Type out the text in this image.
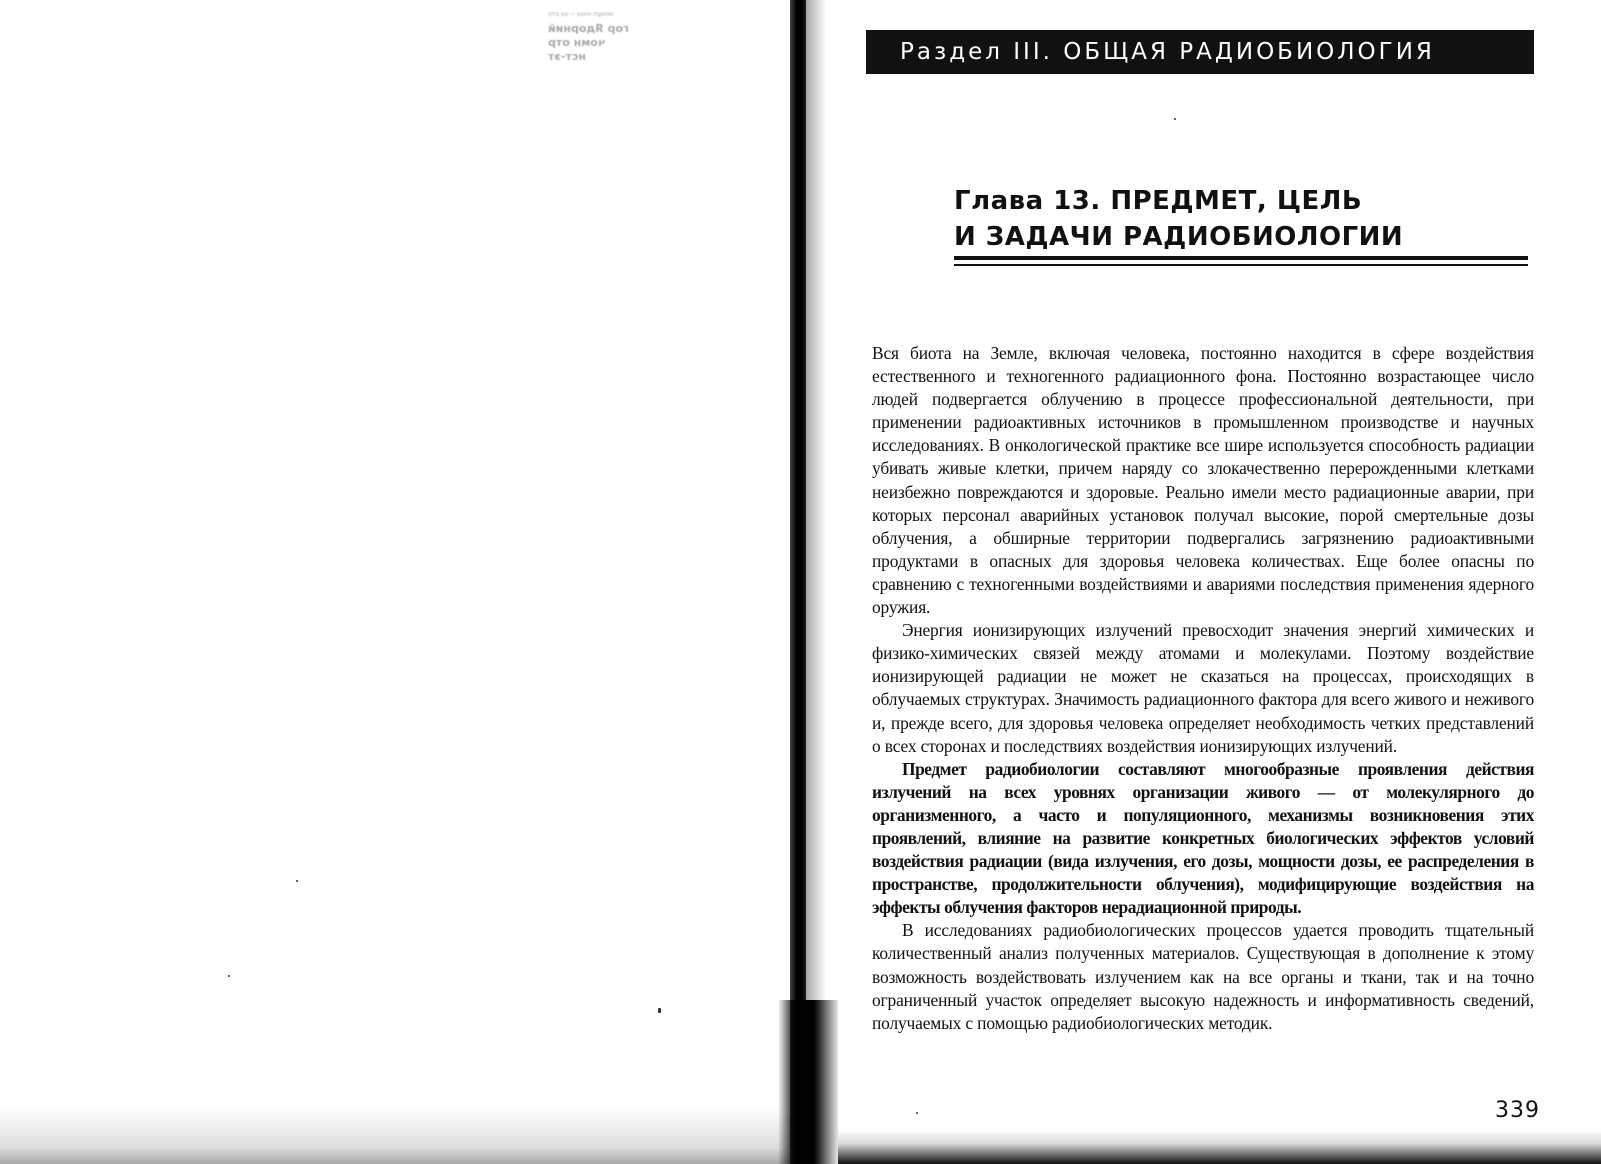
мпнрп очоэ ~ нз отп
гор Ядорний
чомн отр
нст-эт	Раздел III. ОБЩАЯ РАДИОБИОЛОГИЯ
Глава 13. ПРЕДМЕТ, ЦЕЛЬ
И ЗАДАЧИ РАДИОБИОЛОГИИ

Вся биота на Земле, включая человека, постоянно находится в сфере воздействия естественного и техногенного радиационного фона. Постоянно возрастающее число людей подвергается облучению в процессе профессиональной деятельности, при применении радиоактивных источников в промышленном производстве и научных исследованиях. В онкологической практике все шире используется способность радиации убивать живые клетки, причем наряду со злокачественно перерожденными клетками неизбежно повреждаются и здоровые. Реально имели место радиационные аварии, при которых персонал аварийных установок получал высокие, порой смертельные дозы облучения, а обширные территории подвергались загрязнению радиоактивными продуктами в опасных для здоровья человека количествах. Еще более опасны по сравнению с техногенными воздействиями и авариями последствия применения ядерного оружия.

Энергия ионизирующих излучений превосходит значения энергий химических и физико-химических связей между атомами и молекулами. Поэтому воздействие ионизирующей радиации не может не сказаться на процессах, происходящих в облучаемых структурах. Значимость радиационного фактора для всего живого и неживого и, прежде всего, для здоровья человека определяет необходимость четких представлений о всех сторонах и последствиях воздействия ионизирующих излучений.

Предмет радиобиологии составляют многообразные проявления действия излучений на всех уровнях организации живого — от молекулярного до организменного, а часто и популяционного, механизмы возникновения этих проявлений, влияние на развитие конкретных биологических эффектов условий воздействия радиации (вида излучения, его дозы, мощности дозы, ее распределения в пространстве, продолжительности облучения), модифицирующие воздействия на эффекты облучения факторов нерадиационной природы.

В исследованиях радиобиологических процессов удается проводить тщательный количественный анализ полученных материалов. Существующая в дополнение к этому возможность воздействовать излучением как на все органы и ткани, так и на точно ограниченный участок определяет высокую надежность и информативность сведений, получаемых с помощью радиобиологических методик.

339
